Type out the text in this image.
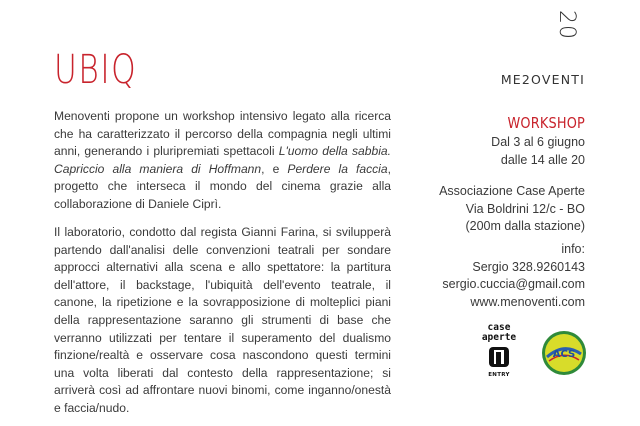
UBIQ
Menoventi propone un workshop intensivo legato alla ricerca che ha caratterizzato il percorso della compagnia negli ultimi anni, generando i pluripremiati spettacoli L'uomo della sabbia. Capriccio alla maniera di Hoffmann, e Perdere la faccia, progetto che interseca il mondo del cinema grazie alla collaborazione di Daniele Ciprì.
Il laboratorio, condotto dal regista Gianni Farina, si svilupperà partendo dall'analisi delle convenzioni teatrali per sondare approcci alternativi alla scena e allo spettatore: la partitura dell'attore, il backstage, l'ubiquità dell'evento teatrale, il canone, la ripetizione e la sovrapposizione di molteplici piani della rappresentazione saranno gli strumenti di base che verranno utilizzati per tentare il superamento del dualismo finzione/realtà e osservare cosa nascondono questi termini una volta liberati dal contesto della rappresentazione; si arriverà così ad affrontare nuovi binomi, come inganno/onestà e faccia/nudo.
20
ME2OVENTI
WORKSHOP
Dal 3 al 6 giugno
dalle 14 alle 20
Associazione Case Aperte
Via Boldrini 12/c - BO
(200m dalla stazione)
info:
Sergio 328.9260143
sergio.cuccia@gmail.com
www.menoventi.com
case
aperte
ENTRY
ACS
